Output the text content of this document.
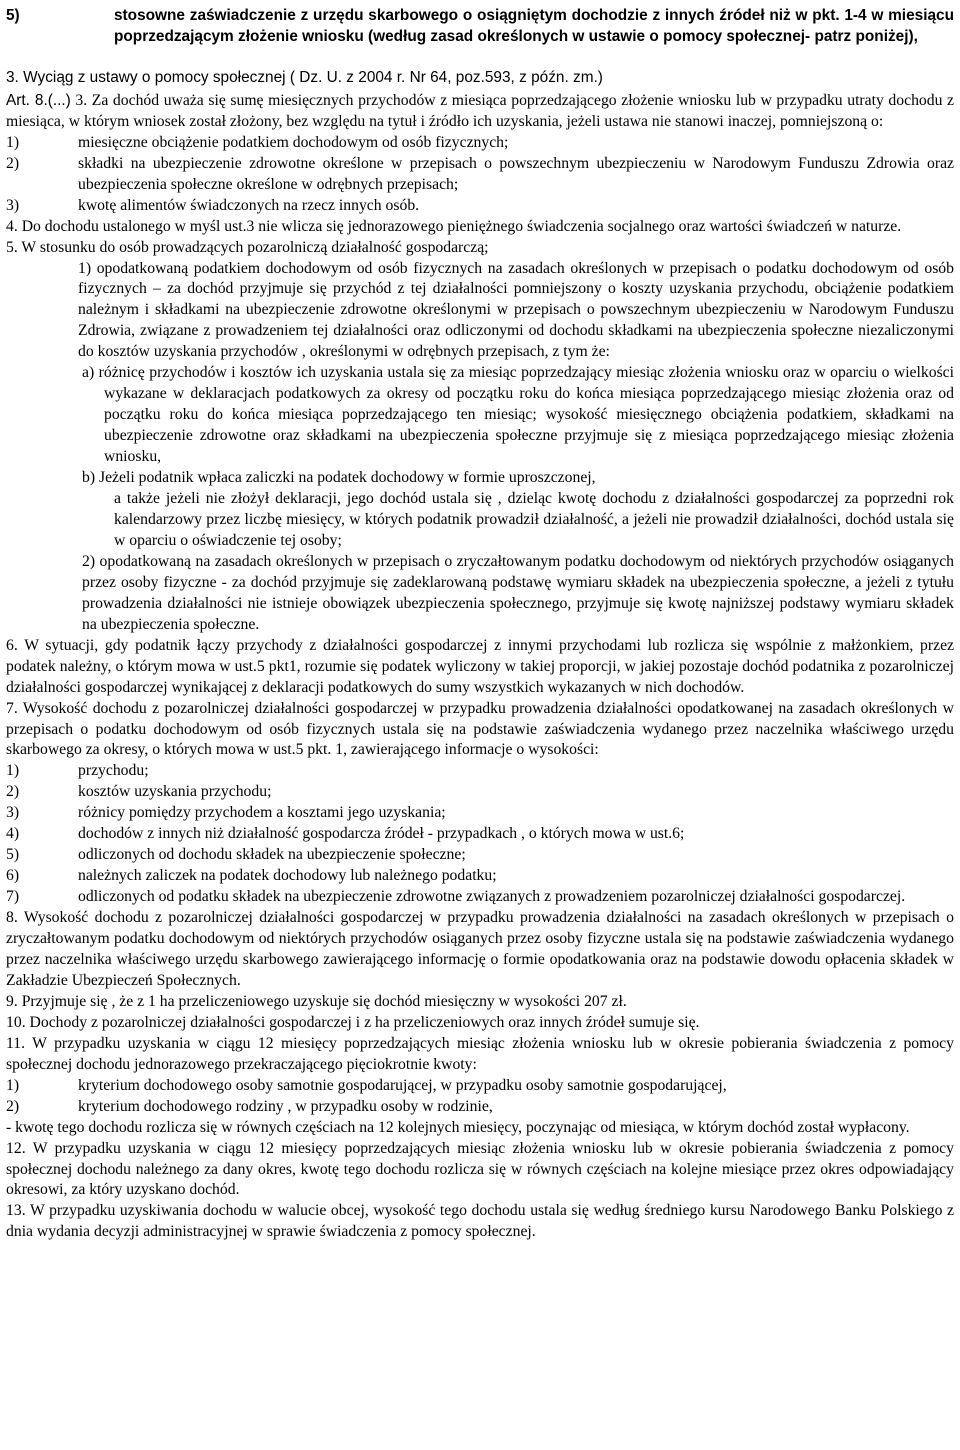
5)	stosowne zaświadczenie z urzędu skarbowego o osiągniętym dochodzie z innych źródeł niż w pkt. 1-4 w miesiącu poprzedzającym złożenie wniosku (według zasad określonych w ustawie o pomocy społecznej- patrz poniżej),

3. Wyciąg z ustawy o pomocy społecznej ( Dz. U. z 2004 r. Nr 64, poz.593, z późn. zm.)

Art. 8.(...) 3. Za dochód uważa się sumę miesięcznych przychodów z miesiąca poprzedzającego złożenie wniosku lub w przypadku utraty dochodu z miesiąca, w którym wniosek został złożony, bez względu na tytuł i źródło ich uzyskania, jeżeli ustawa nie stanowi inaczej, pomniejszoną o:

1)	miesięczne obciążenie podatkiem dochodowym od osób fizycznych;

2)	składki na ubezpieczenie zdrowotne określone w przepisach o powszechnym ubezpieczeniu w Narodowym Funduszu Zdrowia oraz ubezpieczenia społeczne określone w odrębnych przepisach;

3)	kwotę alimentów świadczonych na rzecz innych osób.

4. Do dochodu ustalonego w myśl ust.3 nie wlicza się jednorazowego pieniężnego świadczenia socjalnego oraz wartości świadczeń w naturze.

5. W stosunku do osób prowadzących pozarolniczą działalność gospodarczą;

1) opodatkowaną podatkiem dochodowym od osób fizycznych na zasadach określonych w przepisach o podatku dochodowym od osób fizycznych – za dochód przyjmuje się przychód z tej działalności pomniejszony o koszty uzyskania przychodu, obciążenie podatkiem należnym i składkami na ubezpieczenie zdrowotne określonymi w przepisach o powszechnym ubezpieczeniu w Narodowym Funduszu Zdrowia, związane z prowadzeniem tej działalności oraz odliczonymi od dochodu składkami na ubezpieczenia społeczne niezaliczonymi do kosztów uzyskania przychodów , określonymi w odrębnych przepisach, z tym że:

a) różnicę przychodów i kosztów ich uzyskania ustala się za miesiąc poprzedzający miesiąc złożenia wniosku oraz w oparciu o wielkości wykazane w deklaracjach podatkowych za okresy od początku roku do końca miesiąca poprzedzającego miesiąc złożenia oraz od początku roku do końca miesiąca poprzedzającego ten miesiąc; wysokość miesięcznego obciążenia podatkiem, składkami na ubezpieczenie zdrowotne oraz składkami na ubezpieczenia społeczne przyjmuje się z miesiąca poprzedzającego miesiąc złożenia wniosku,

b) Jeżeli podatnik wpłaca zaliczki na podatek dochodowy w formie uproszczonej,

a także jeżeli nie złożył deklaracji, jego dochód ustala się , dzieląc kwotę dochodu z działalności gospodarczej za poprzedni rok kalendarzowy przez liczbę miesięcy, w których podatnik prowadził działalność, a jeżeli nie prowadził działalności, dochód ustala się w oparciu o oświadczenie tej osoby;

2) opodatkowaną na zasadach określonych w przepisach o zryczałtowanym podatku dochodowym od niektórych przychodów osiąganych przez osoby fizyczne - za dochód przyjmuje się zadeklarowaną podstawę wymiaru składek na ubezpieczenia społeczne, a jeżeli z tytułu prowadzenia działalności nie istnieje obowiązek ubezpieczenia społecznego, przyjmuje się kwotę najniższej podstawy wymiaru składek na ubezpieczenia społeczne.

6. W sytuacji, gdy podatnik łączy przychody z działalności gospodarczej z innymi przychodami lub rozlicza się wspólnie z małżonkiem, przez podatek należny, o którym mowa w ust.5 pkt1, rozumie się podatek wyliczony w takiej proporcji, w jakiej pozostaje dochód podatnika z pozarolniczej działalności gospodarczej wynikającej z deklaracji podatkowych do sumy wszystkich wykazanych w nich dochodów.

7. Wysokość dochodu z pozarolniczej działalności gospodarczej w przypadku prowadzenia działalności opodatkowanej na zasadach określonych w przepisach o podatku dochodowym od osób fizycznych ustala się na podstawie zaświadczenia wydanego przez naczelnika właściwego urzędu skarbowego za okresy, o których mowa w ust.5 pkt. 1, zawierającego informacje o wysokości:

1)	przychodu;

2)	kosztów uzyskania przychodu;

3)	różnicy pomiędzy przychodem a kosztami jego uzyskania;

4)	dochodów z innych niż działalność gospodarcza źródeł - przypadkach , o których mowa w ust.6;

5)	odliczonych od dochodu składek na ubezpieczenie społeczne;

6)	należnych zaliczek na podatek dochodowy lub należnego podatku;

7)	odliczonych od podatku składek na ubezpieczenie zdrowotne związanych z prowadzeniem pozarolniczej działalności gospodarczej.

8. Wysokość dochodu z pozarolniczej działalności gospodarczej w przypadku prowadzenia działalności na zasadach określonych w przepisach o zryczałtowanym podatku dochodowym od niektórych przychodów osiąganych przez osoby fizyczne ustala się na podstawie zaświadczenia wydanego przez naczelnika właściwego urzędu skarbowego zawierającego informację o formie opodatkowania oraz na podstawie dowodu opłacenia składek w Zakładzie Ubezpieczeń Społecznych.

9. Przyjmuje się , że z 1 ha przeliczeniowego uzyskuje się dochód miesięczny w wysokości 207 zł.

10. Dochody z pozarolniczej działalności gospodarczej i z ha przeliczeniowych oraz innych źródeł sumuje się.

11. W przypadku uzyskania w ciągu 12 miesięcy poprzedzających miesiąc złożenia wniosku lub w okresie pobierania świadczenia z pomocy społecznej dochodu jednorazowego przekraczającego pięciokrotnie kwoty:

1)	kryterium dochodowego osoby samotnie gospodarującej, w przypadku osoby samotnie gospodarującej,

2)	kryterium dochodowego rodziny , w przypadku osoby w rodzinie,

- kwotę tego dochodu rozlicza się w równych częściach na 12 kolejnych miesięcy, poczynając od miesiąca, w którym dochód został wypłacony.

12. W przypadku uzyskania w ciągu 12 miesięcy poprzedzających miesiąc złożenia wniosku lub w okresie pobierania świadczenia z pomocy społecznej dochodu należnego za dany okres, kwotę tego dochodu rozlicza się w równych częściach na kolejne miesiące przez okres odpowiadający okresowi, za który uzyskano dochód.

13. W przypadku uzyskiwania dochodu w walucie obcej, wysokość tego dochodu ustala się według średniego kursu Narodowego Banku Polskiego z dnia wydania decyzji administracyjnej w sprawie świadczenia z pomocy społecznej.
